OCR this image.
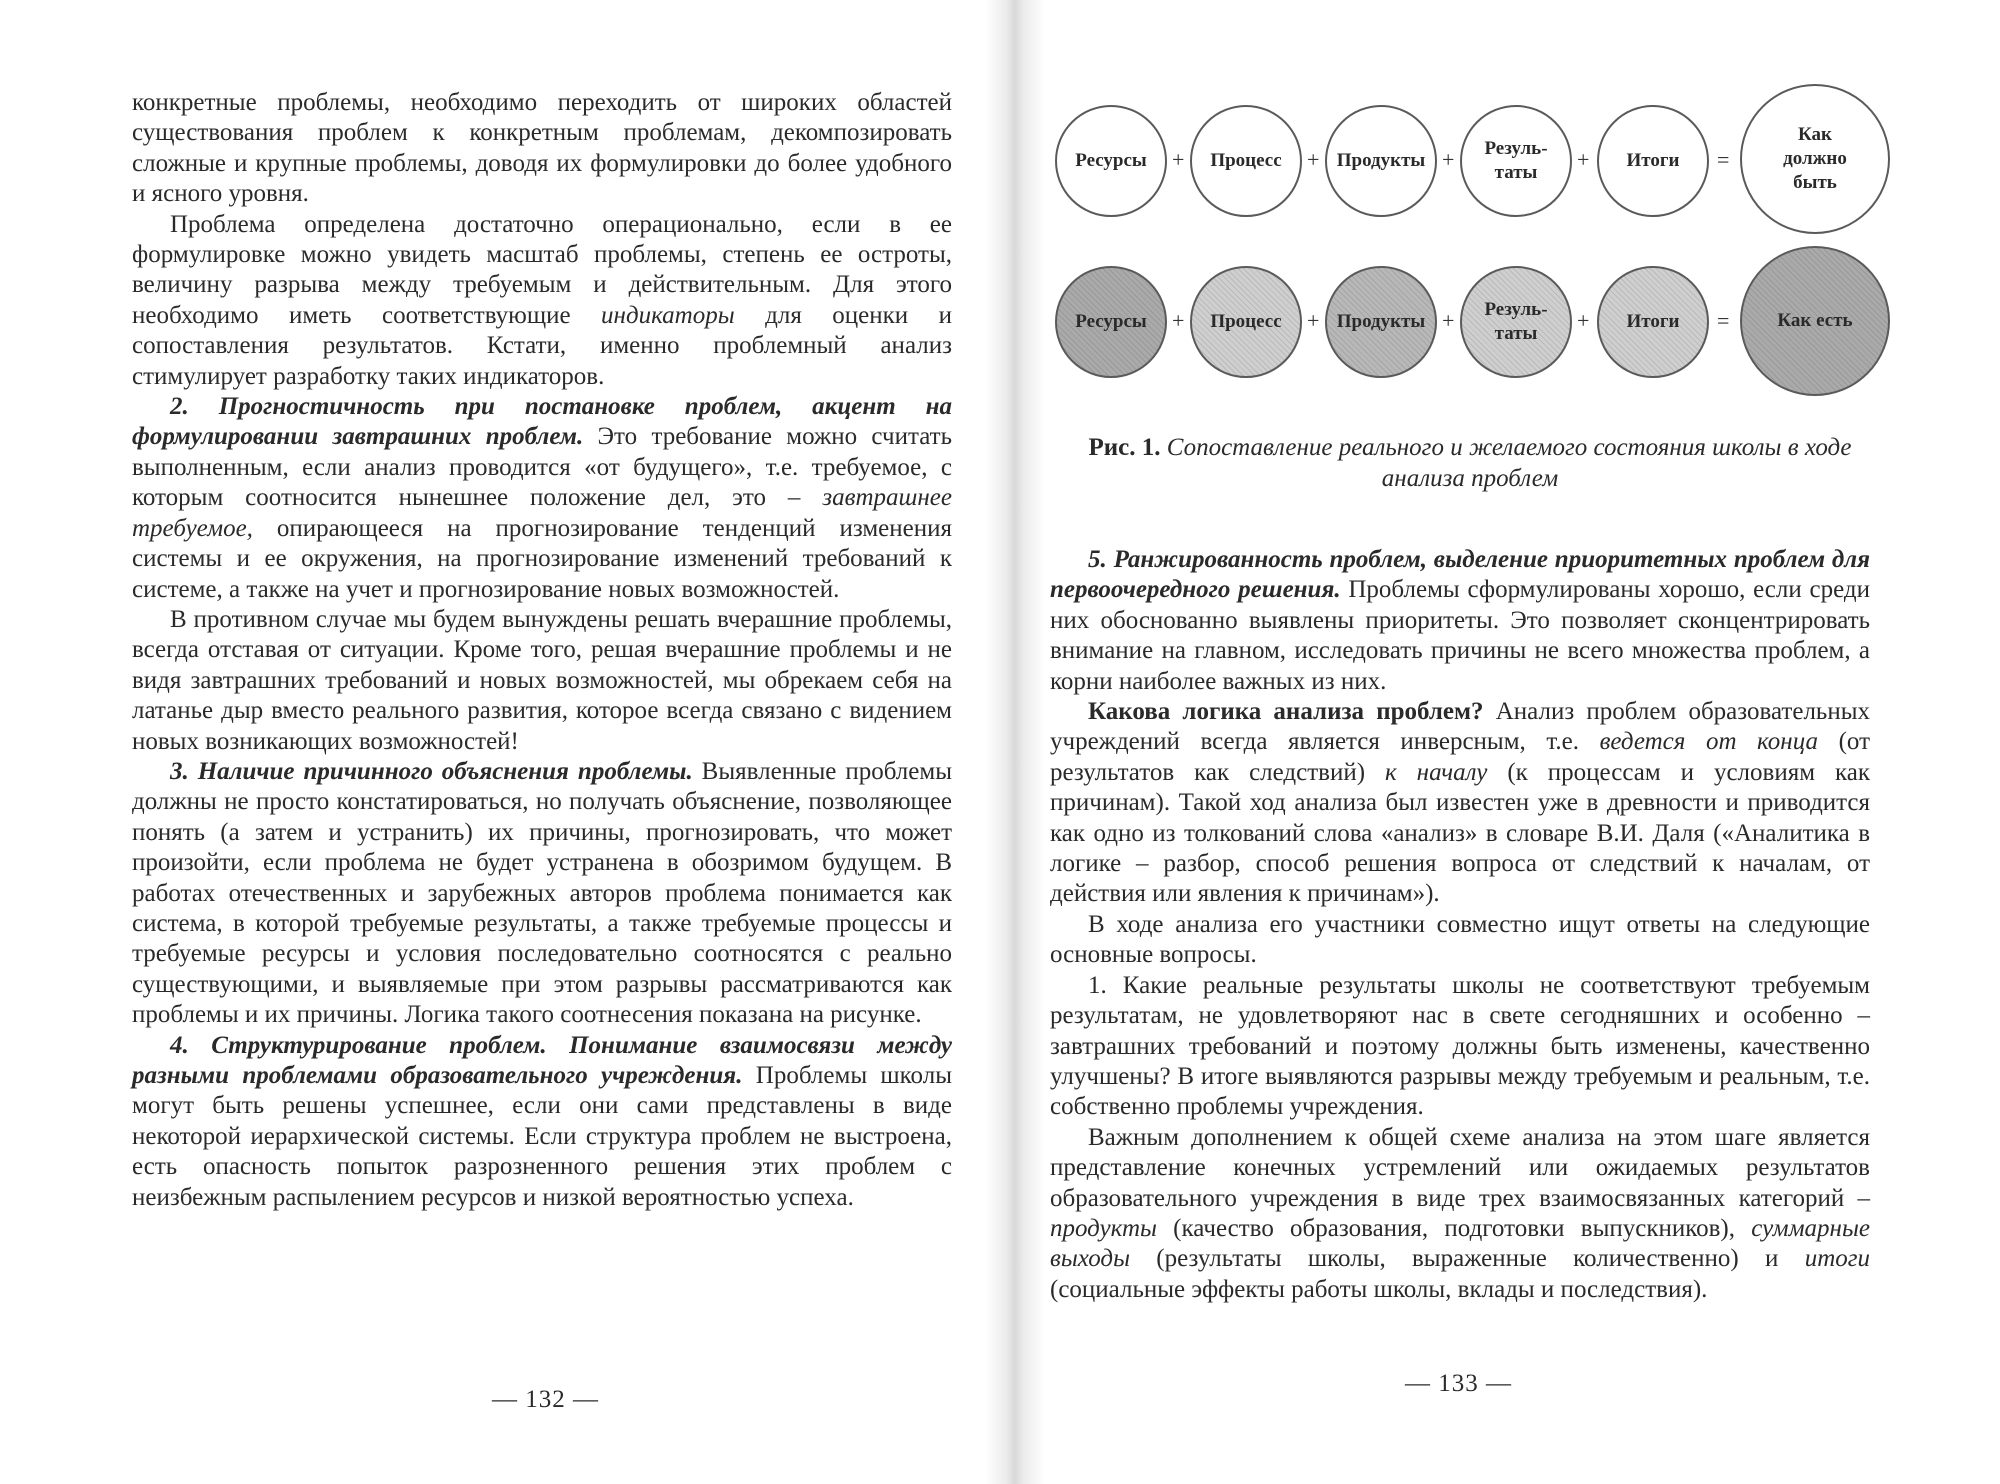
конкретные проблемы, необходимо переходить от широких областей существования проблем к конкретным проблемам, декомпозировать сложные и крупные проблемы, доводя их формулировки до более удобного и ясного уровня.

Проблема определена достаточно операционально, если в ее формулировке можно увидеть масштаб проблемы, степень ее остроты, величину разрыва между требуемым и действительным. Для этого необходимо иметь соответствующие индикаторы для оценки и сопоставления результатов. Кстати, именно проблемный анализ стимулирует разработку таких индикаторов.

2. Прогностичность при постановке проблем, акцент на формулировании завтрашних проблем. Это требование можно считать выполненным, если анализ проводится «от будущего», т.е. требуемое, с которым соотносится нынешнее положение дел, это – завтрашнее требуемое, опирающееся на прогнозирование тенденций изменения системы и ее окружения, на прогнозирование изменений требований к системе, а также на учет и прогнозирование новых возможностей.

В противном случае мы будем вынуждены решать вчерашние проблемы, всегда отставая от ситуации. Кроме того, решая вчерашние проблемы и не видя завтрашних требований и новых возможностей, мы обрекаем себя на латанье дыр вместо реального развития, которое всегда связано с видением новых возникающих возможностей!

3. Наличие причинного объяснения проблемы. Выявленные проблемы должны не просто констатироваться, но получать объяснение, позволяющее понять (а затем и устранить) их причины, прогнозировать, что может произойти, если проблема не будет устранена в обозримом будущем. В работах отечественных и зарубежных авторов проблема понимается как система, в которой требуемые результаты, а также требуемые процессы и требуемые ресурсы и условия последовательно соотносятся с реально существующими, и выявляемые при этом разрывы рассматриваются как проблемы и их причины. Логика такого соотнесения показана на рисунке.

4. Структурирование проблем. Понимание взаимосвязи между разными проблемами образовательного учреждения. Проблемы школы могут быть решены успешнее, если они сами представлены в виде некоторой иерархической системы. Если структура проблем не выстроена, есть опасность попыток разрозненного решения этих проблем с неизбежным распылением ресурсов и низкой вероятностью успеха.

— 132 —
Ресурсы + Процесс + Продукты + Резуль-
таты
+ Итоги =
Как
должно
быть
Ресурсы + Процесс + Продукты + Резуль-
таты
+ Итоги =	Как есть
Рис. 1. Сопоставление реального и желаемого состояния школы в ходе анализа проблем

5. Ранжированность проблем, выделение приоритетных проблем для первоочередного решения. Проблемы сформулированы хорошо, если среди них обоснованно выявлены приоритеты. Это позволяет сконцентрировать внимание на главном, исследовать причины не всего множества проблем, а корни наиболее важных из них.

Какова логика анализа проблем? Анализ проблем образовательных учреждений всегда является инверсным, т.е. ведется от конца (от результатов как следствий) к началу (к процессам и условиям как причинам). Такой ход анализа был известен уже в древности и приводится как одно из толкований слова «анализ» в словаре В.И. Даля («Аналитика в логике – разбор, способ решения вопроса от следствий к началам, от действия или явления к причинам»).

В ходе анализа его участники совместно ищут ответы на следующие основные вопросы.

1. Какие реальные результаты школы не соответствуют требуемым результатам, не удовлетворяют нас в свете сегодняшних и особенно – завтрашних требований и поэтому должны быть изменены, качественно улучшены? В итоге выявляются разрывы между требуемым и реальным, т.е. собственно проблемы учреждения.

Важным дополнением к общей схеме анализа на этом шаге является представление конечных устремлений или ожидаемых результатов образовательного учреждения в виде трех взаимосвязанных категорий – продукты (качество образования, подготовки выпускников), суммарные выходы (результаты школы, выраженные количественно) и итоги (социальные эффекты работы школы, вклады и последствия).

— 133 —
